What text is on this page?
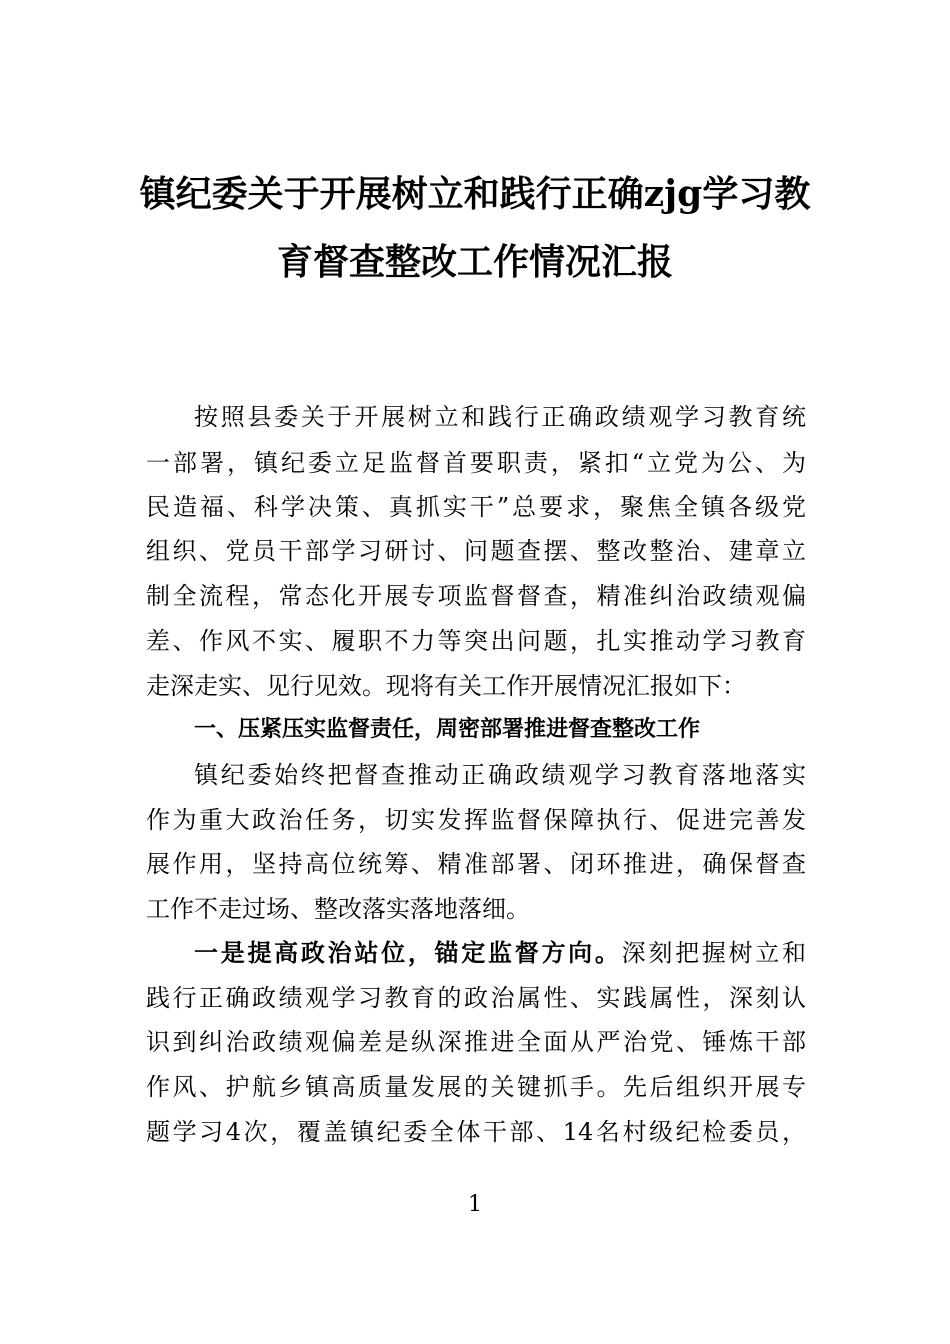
镇纪委关于开展树立和践行正确zjg学习教
育督查整改工作情况汇报
按照县委关于开展树立和践行正确政绩观学习教育统
一部署，镇纪委立足监督首要职责，紧扣“立党为公、为
民造福、科学决策、真抓实干”总要求，聚焦全镇各级党
组织、党员干部学习研讨、问题查摆、整改整治、建章立
制全流程，常态化开展专项监督督查，精准纠治政绩观偏
差、作风不实、履职不力等突出问题，扎实推动学习教育
走深走实、见行见效。现将有关工作开展情况汇报如下：
一、压紧压实监督责任，周密部署推进督查整改工作
镇纪委始终把督查推动正确政绩观学习教育落地落实
作为重大政治任务，切实发挥监督保障执行、促进完善发
展作用，坚持高位统筹、精准部署、闭环推进，确保督查
工作不走过场、整改落实落地落细。
一是提高政治站位，锚定监督方向。深刻把握树立和
践行正确政绩观学习教育的政治属性、实践属性，深刻认
识到纠治政绩观偏差是纵深推进全面从严治党、锤炼干部
作风、护航乡镇高质量发展的关键抓手。先后组织开展专
题学习4次，覆盖镇纪委全体干部、14名村级纪检委员，
1
